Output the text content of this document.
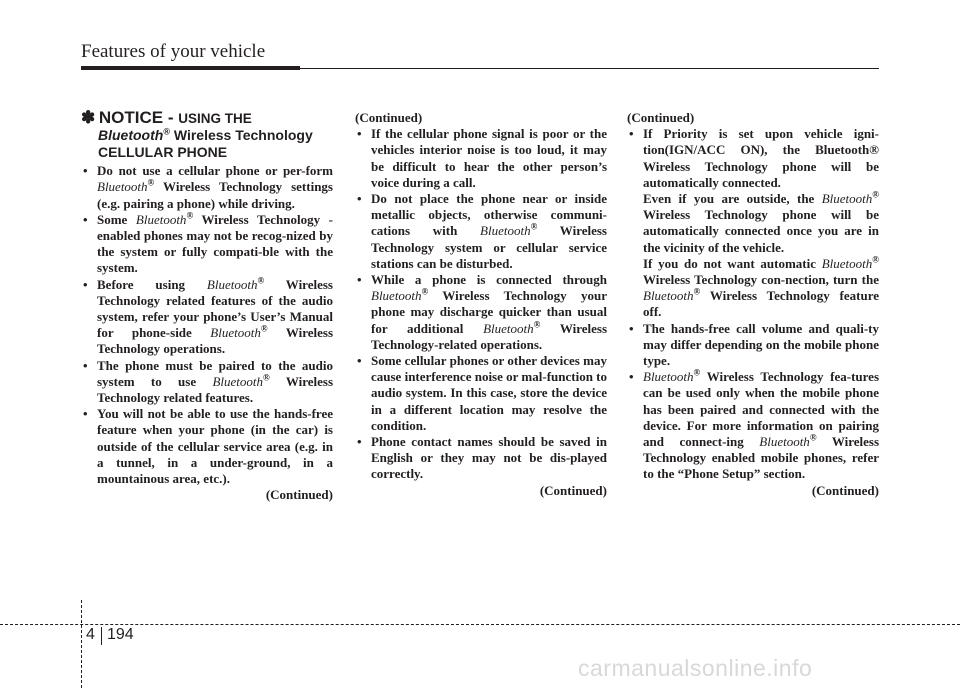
Features of your vehicle
✽ NOTICE - USING THE
Bluetooth® Wireless Technology
CELLULAR PHONE
• Do not use a cellular phone or per-form Bluetooth® Wireless Technology settings (e.g. pairing a phone) while driving.
• Some Bluetooth® Wireless Technology -enabled phones may not be recog-nized by the system or fully compati-ble with the system.
• Before using Bluetooth® Wireless Technology related features of the audio system, refer your phone’s User’s Manual for phone-side Bluetooth® Wireless Technology operations.
• The phone must be paired to the audio system to use Bluetooth® Wireless Technology related features.
• You will not be able to use the hands-free feature when your phone (in the car) is outside of the cellular service area (e.g. in a tunnel, in a under-ground, in a mountainous area, etc.).
(Continued)
(Continued)
• If the cellular phone signal is poor or the vehicles interior noise is too loud, it may be difficult to hear the other person’s voice during a call.
• Do not place the phone near or inside metallic objects, otherwise communi-cations with Bluetooth® Wireless Technology system or cellular service stations can be disturbed.
• While a phone is connected through Bluetooth® Wireless Technology your phone may discharge quicker than usual for additional Bluetooth® Wireless Technology-related operations.
• Some cellular phones or other devices may cause interference noise or mal-function to audio system. In this case, store the device in a different location may resolve the condition.
• Phone contact names should be saved in English or they may not be dis-played correctly.
(Continued)
(Continued)
• If Priority is set upon vehicle igni-tion(IGN/ACC ON), the Bluetooth® Wireless Technology phone will be automatically connected.
Even if you are outside, the Bluetooth® Wireless Technology phone will be automatically connected once you are in the vicinity of the vehicle.
If you do not want automatic Bluetooth® Wireless Technology con-nection, turn the Bluetooth® Wireless Technology feature off.
• The hands-free call volume and quali-ty may differ depending on the mobile phone type.
• Bluetooth® Wireless Technology fea-tures can be used only when the mobile phone has been paired and connected with the device. For more information on pairing and connect-ing Bluetooth® Wireless Technology enabled mobile phones, refer to the “Phone Setup” section.
(Continued)
4 194
carmanualsonline.info
